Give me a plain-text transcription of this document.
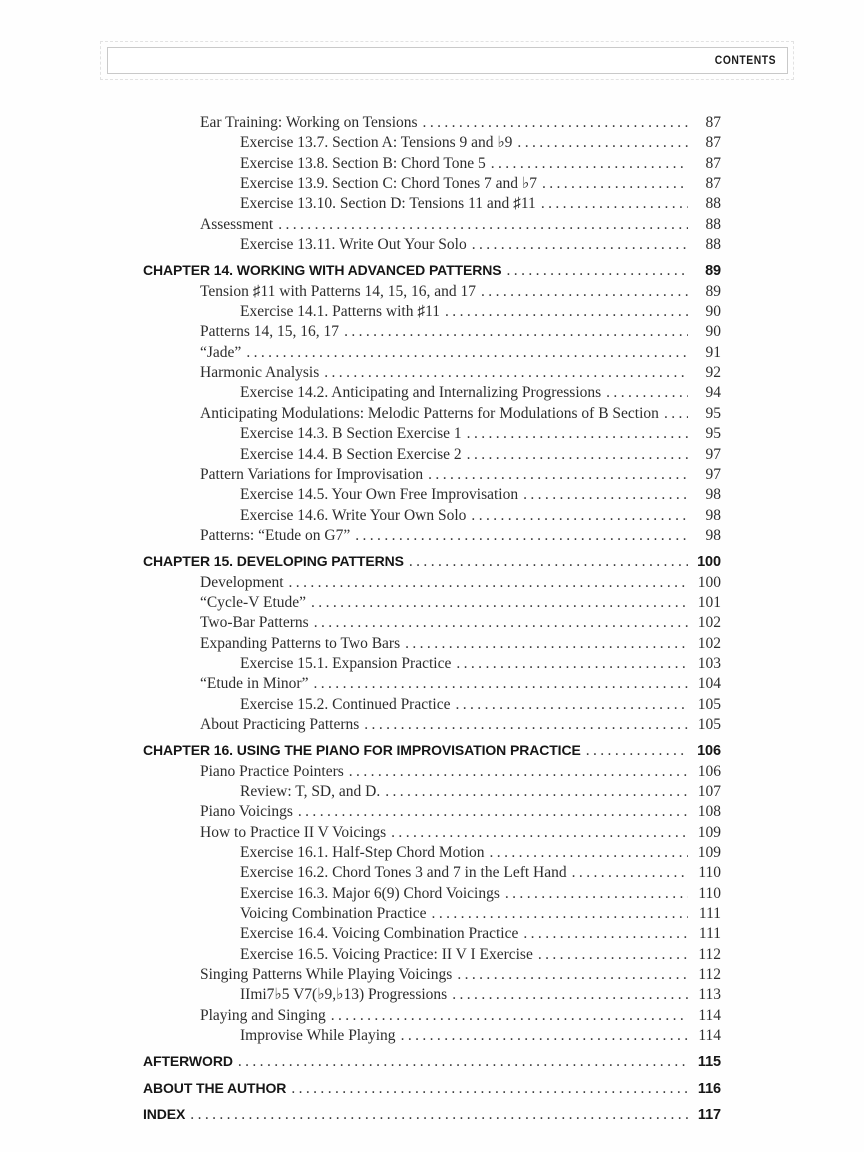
CONTENTS
Ear Training: Working on Tensions .....	87
Exercise 13.7. Section A: Tensions 9 and ♭9 .....	87
Exercise 13.8. Section B: Chord Tone 5 .....	87
Exercise 13.9. Section C: Chord Tones 7 and ♭7 .....	87
Exercise 13.10. Section D: Tensions 11 and ♯11 .....	88
Assessment .....	88
Exercise 13.11. Write Out Your Solo .....	88
CHAPTER 14. WORKING WITH ADVANCED PATTERNS .....	89
Tension ♯11 with Patterns 14, 15, 16, and 17 .....	89
Exercise 14.1. Patterns with ♯11 .....	90
Patterns 14, 15, 16, 17 .....	90
“Jade” .....	91
Harmonic Analysis .....	92
Exercise 14.2. Anticipating and Internalizing Progressions .....	94
Anticipating Modulations: Melodic Patterns for Modulations of B Section .....	95
Exercise 14.3. B Section Exercise 1 .....	95
Exercise 14.4. B Section Exercise 2 .....	97
Pattern Variations for Improvisation .....	97
Exercise 14.5. Your Own Free Improvisation .....	98
Exercise 14.6. Write Your Own Solo .....	98
Patterns: “Etude on G7” .....	98
CHAPTER 15. DEVELOPING PATTERNS .....	100
Development .....	100
“Cycle-V Etude” .....	101
Two-Bar Patterns .....	102
Expanding Patterns to Two Bars .....	102
Exercise 15.1. Expansion Practice .....	103
“Etude in Minor” .....	104
Exercise 15.2. Continued Practice .....	105
About Practicing Patterns .....	105
CHAPTER 16. USING THE PIANO FOR IMPROVISATION PRACTICE .....	106
Piano Practice Pointers .....	106
Review: T, SD, and D. .....	107
Piano Voicings .....	108
How to Practice II V Voicings .....	109
Exercise 16.1. Half-Step Chord Motion .....	109
Exercise 16.2. Chord Tones 3 and 7 in the Left Hand .....	110
Exercise 16.3. Major 6(9) Chord Voicings .....	110
Voicing Combination Practice .....	111
Exercise 16.4. Voicing Combination Practice .....	111
Exercise 16.5. Voicing Practice: II V I Exercise .....	112
Singing Patterns While Playing Voicings .....	112
IImi7♭5 V7(♭9,♭13) Progressions .....	113
Playing and Singing .....	114
Improvise While Playing .....	114
AFTERWORD .....	115
ABOUT THE AUTHOR .....	116
INDEX .....	117
